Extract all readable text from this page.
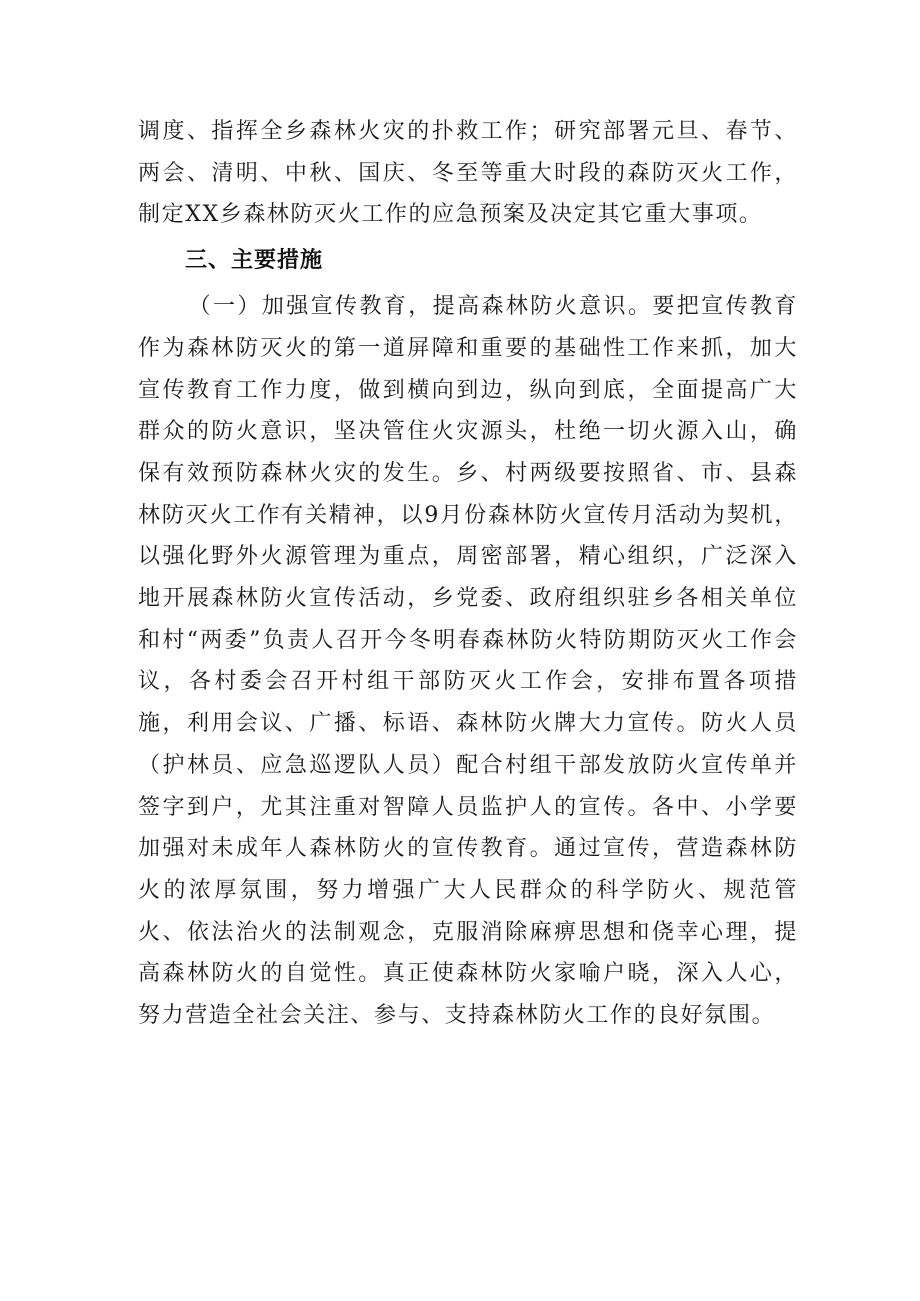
调度、指挥全乡森林火灾的扑救工作；研究部署元旦、春节、两会、清明、中秋、国庆、冬至等重大时段的森防灭火工作，制定XX乡森林防灭火工作的应急预案及决定其它重大事项。

三、主要措施

（一）加强宣传教育，提高森林防火意识。要把宣传教育作为森林防灭火的第一道屏障和重要的基础性工作来抓，加大宣传教育工作力度，做到横向到边，纵向到底，全面提高广大群众的防火意识，坚决管住火灾源头，杜绝一切火源入山，确保有效预防森林火灾的发生。乡、村两级要按照省、市、县森林防灭火工作有关精神，以9月份森林防火宣传月活动为契机，以强化野外火源管理为重点，周密部署，精心组织，广泛深入地开展森林防火宣传活动，乡党委、政府组织驻乡各相关单位和村“两委”负责人召开今冬明春森林防火特防期防灭火工作会议，各村委会召开村组干部防灭火工作会，安排布置各项措施，利用会议、广播、标语、森林防火牌大力宣传。防火人员（护林员、应急巡逻队人员）配合村组干部发放防火宣传单并签字到户，尤其注重对智障人员监护人的宣传。各中、小学要加强对未成年人森林防火的宣传教育。通过宣传，营造森林防火的浓厚氛围，努力增强广大人民群众的科学防火、规范管火、依法治火的法制观念，克服消除麻痹思想和侥幸心理，提高森林防火的自觉性。真正使森林防火家喻户晓，深入人心，努力营造全社会关注、参与、支持森林防火工作的良好氛围。
